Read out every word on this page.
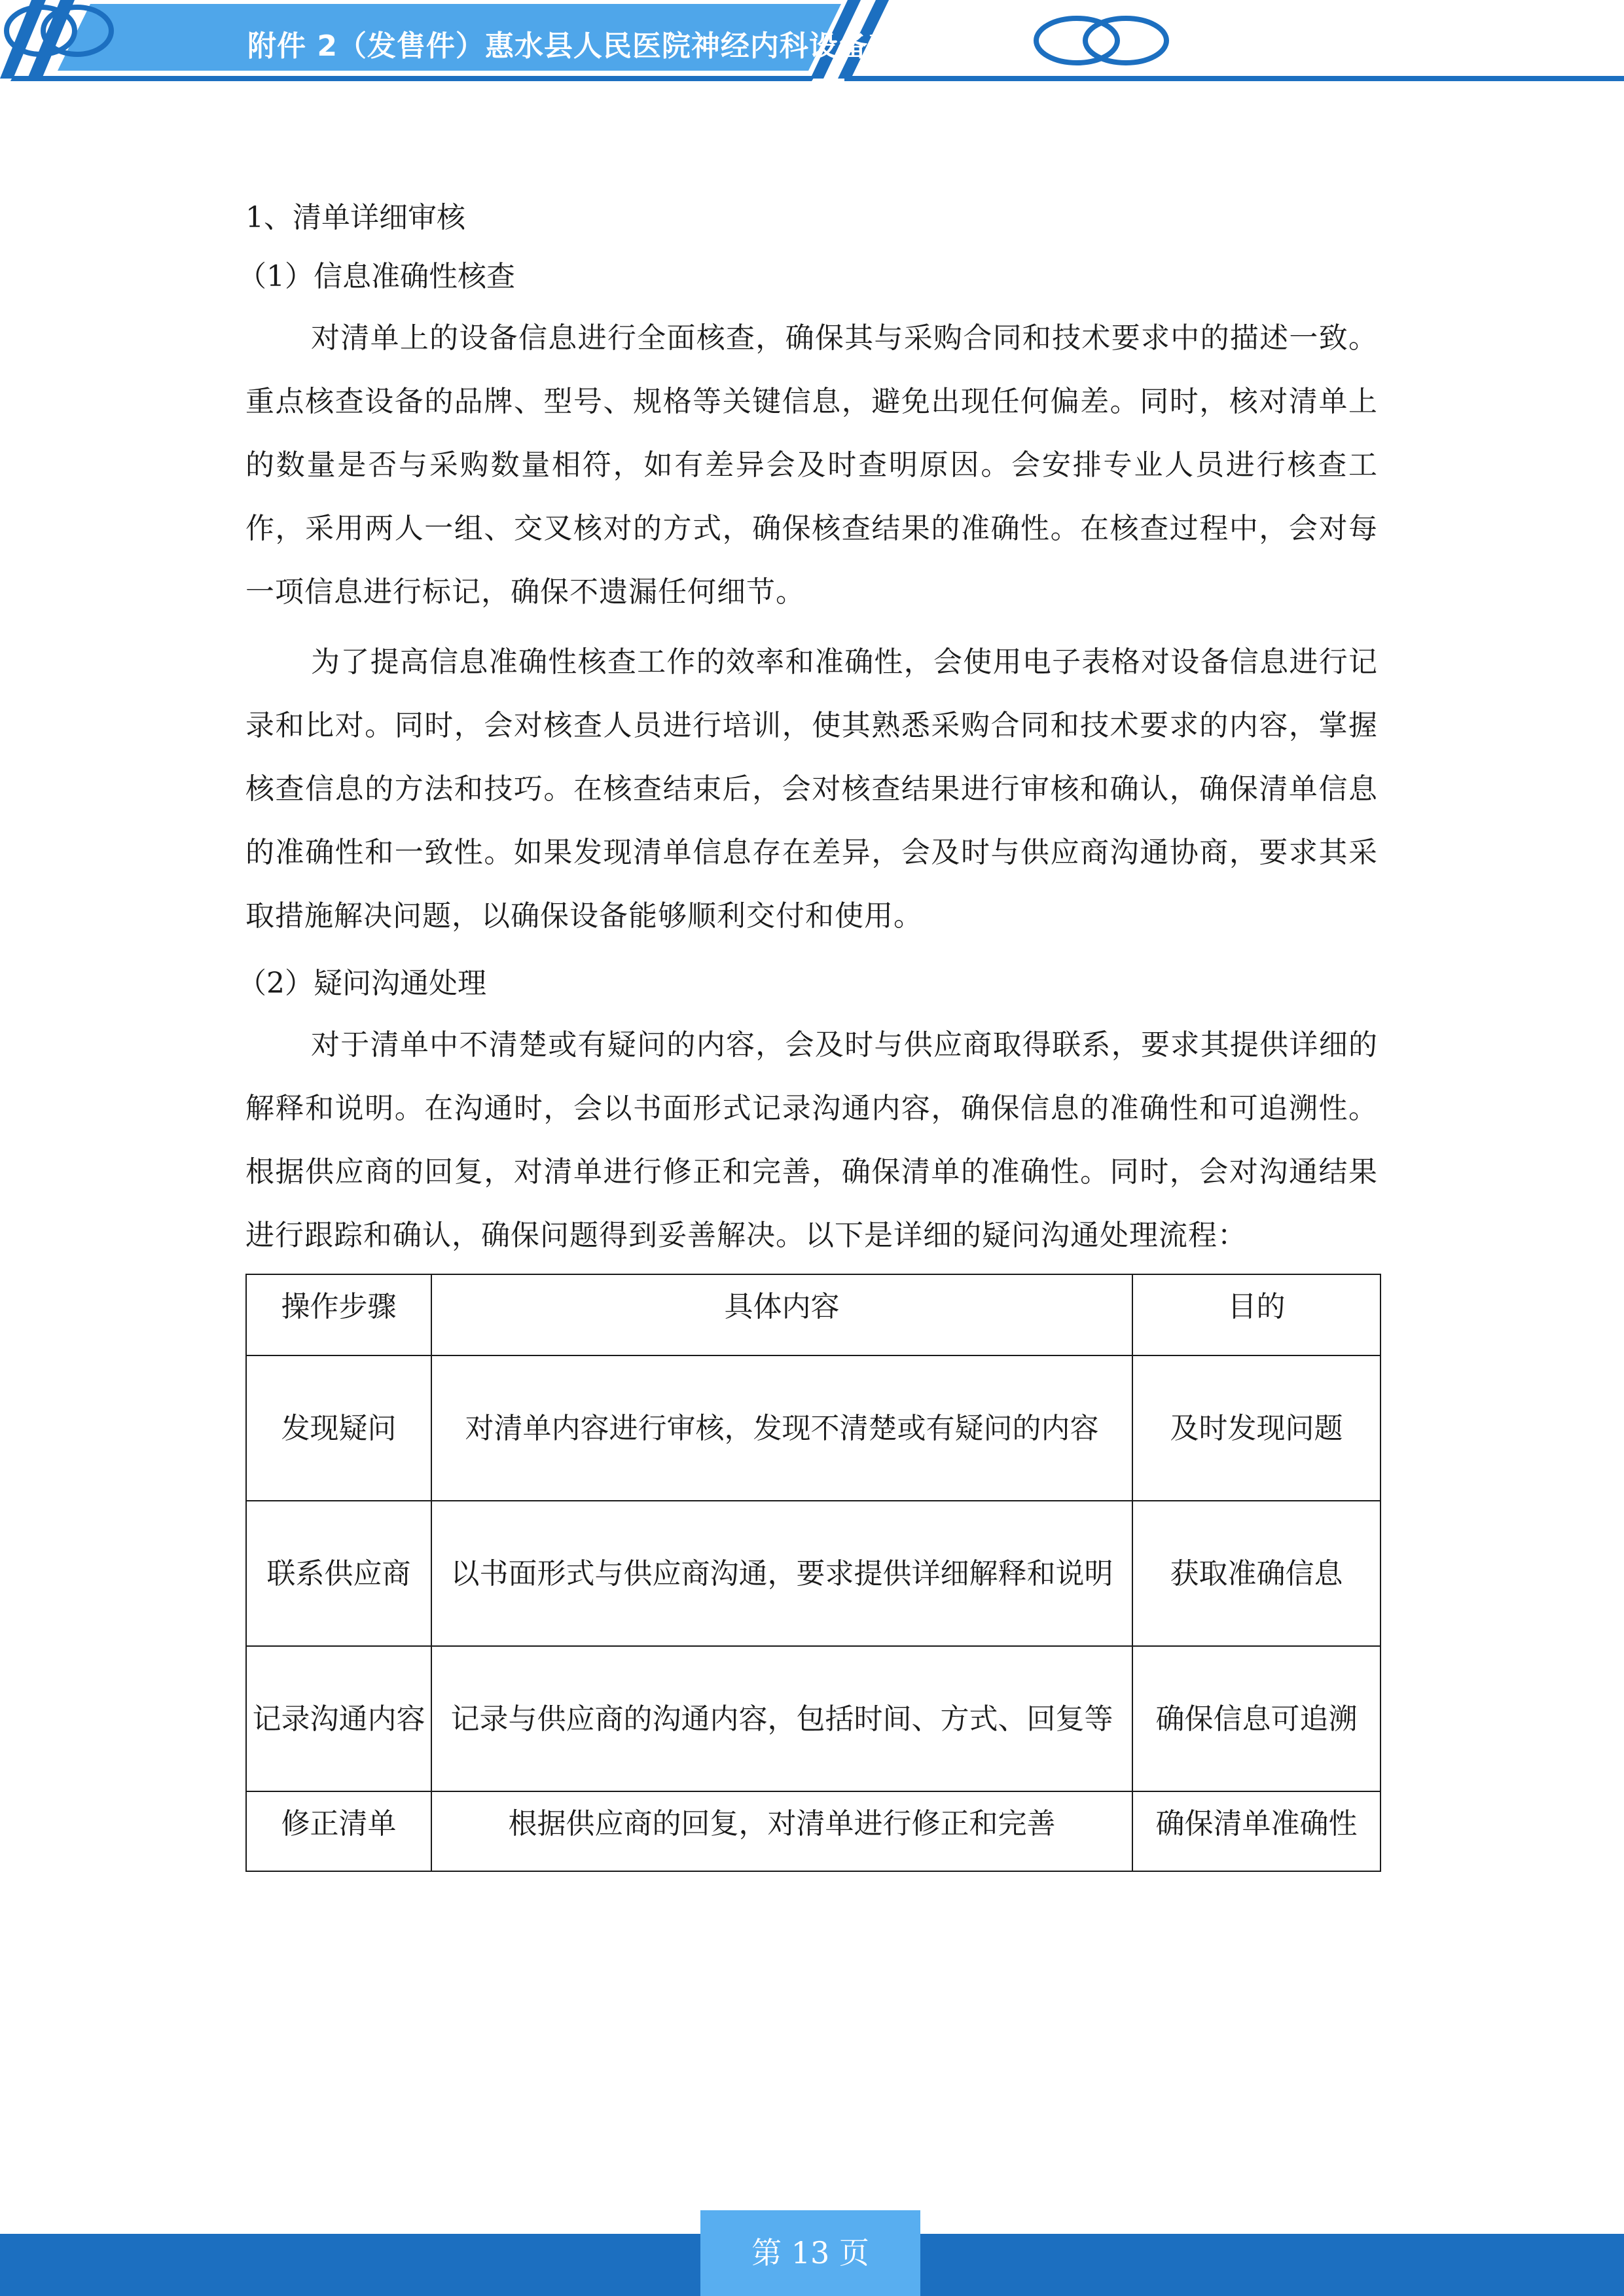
附件 2（发售件）惠水县人民医院神经内科设备采购项目

1、清单详细审核

（1）信息准确性核查

对清单上的设备信息进行全面核查，确保其与采购合同和技术要求中的描述一致。重点核查设备的品牌、型号、规格等关键信息，避免出现任何偏差。同时，核对清单上的数量是否与采购数量相符，如有差异会及时查明原因。会安排专业人员进行核查工作，采用两人一组、交叉核对的方式，确保核查结果的准确性。在核查过程中，会对每一项信息进行标记，确保不遗漏任何细节。

为了提高信息准确性核查工作的效率和准确性，会使用电子表格对设备信息进行记录和比对。同时，会对核查人员进行培训，使其熟悉采购合同和技术要求的内容，掌握核查信息的方法和技巧。在核查结束后，会对核查结果进行审核和确认，确保清单信息的准确性和一致性。如果发现清单信息存在差异，会及时与供应商沟通协商，要求其采取措施解决问题，以确保设备能够顺利交付和使用。

（2）疑问沟通处理

对于清单中不清楚或有疑问的内容，会及时与供应商取得联系，要求其提供详细的解释和说明。在沟通时，会以书面形式记录沟通内容，确保信息的准确性和可追溯性。根据供应商的回复，对清单进行修正和完善，确保清单的准确性。同时，会对沟通结果进行跟踪和确认，确保问题得到妥善解决。以下是详细的疑问沟通处理流程：

操作步骤	具体内容	目的
发现疑问	对清单内容进行审核，发现不清楚或有疑问的内容	及时发现问题
联系供应商	以书面形式与供应商沟通，要求提供详细解释和说明	获取准确信息
记录沟通内容	记录与供应商的沟通内容，包括时间、方式、回复等	确保信息可追溯
修正清单	根据供应商的回复，对清单进行修正和完善	确保清单准确性
第 13 页
